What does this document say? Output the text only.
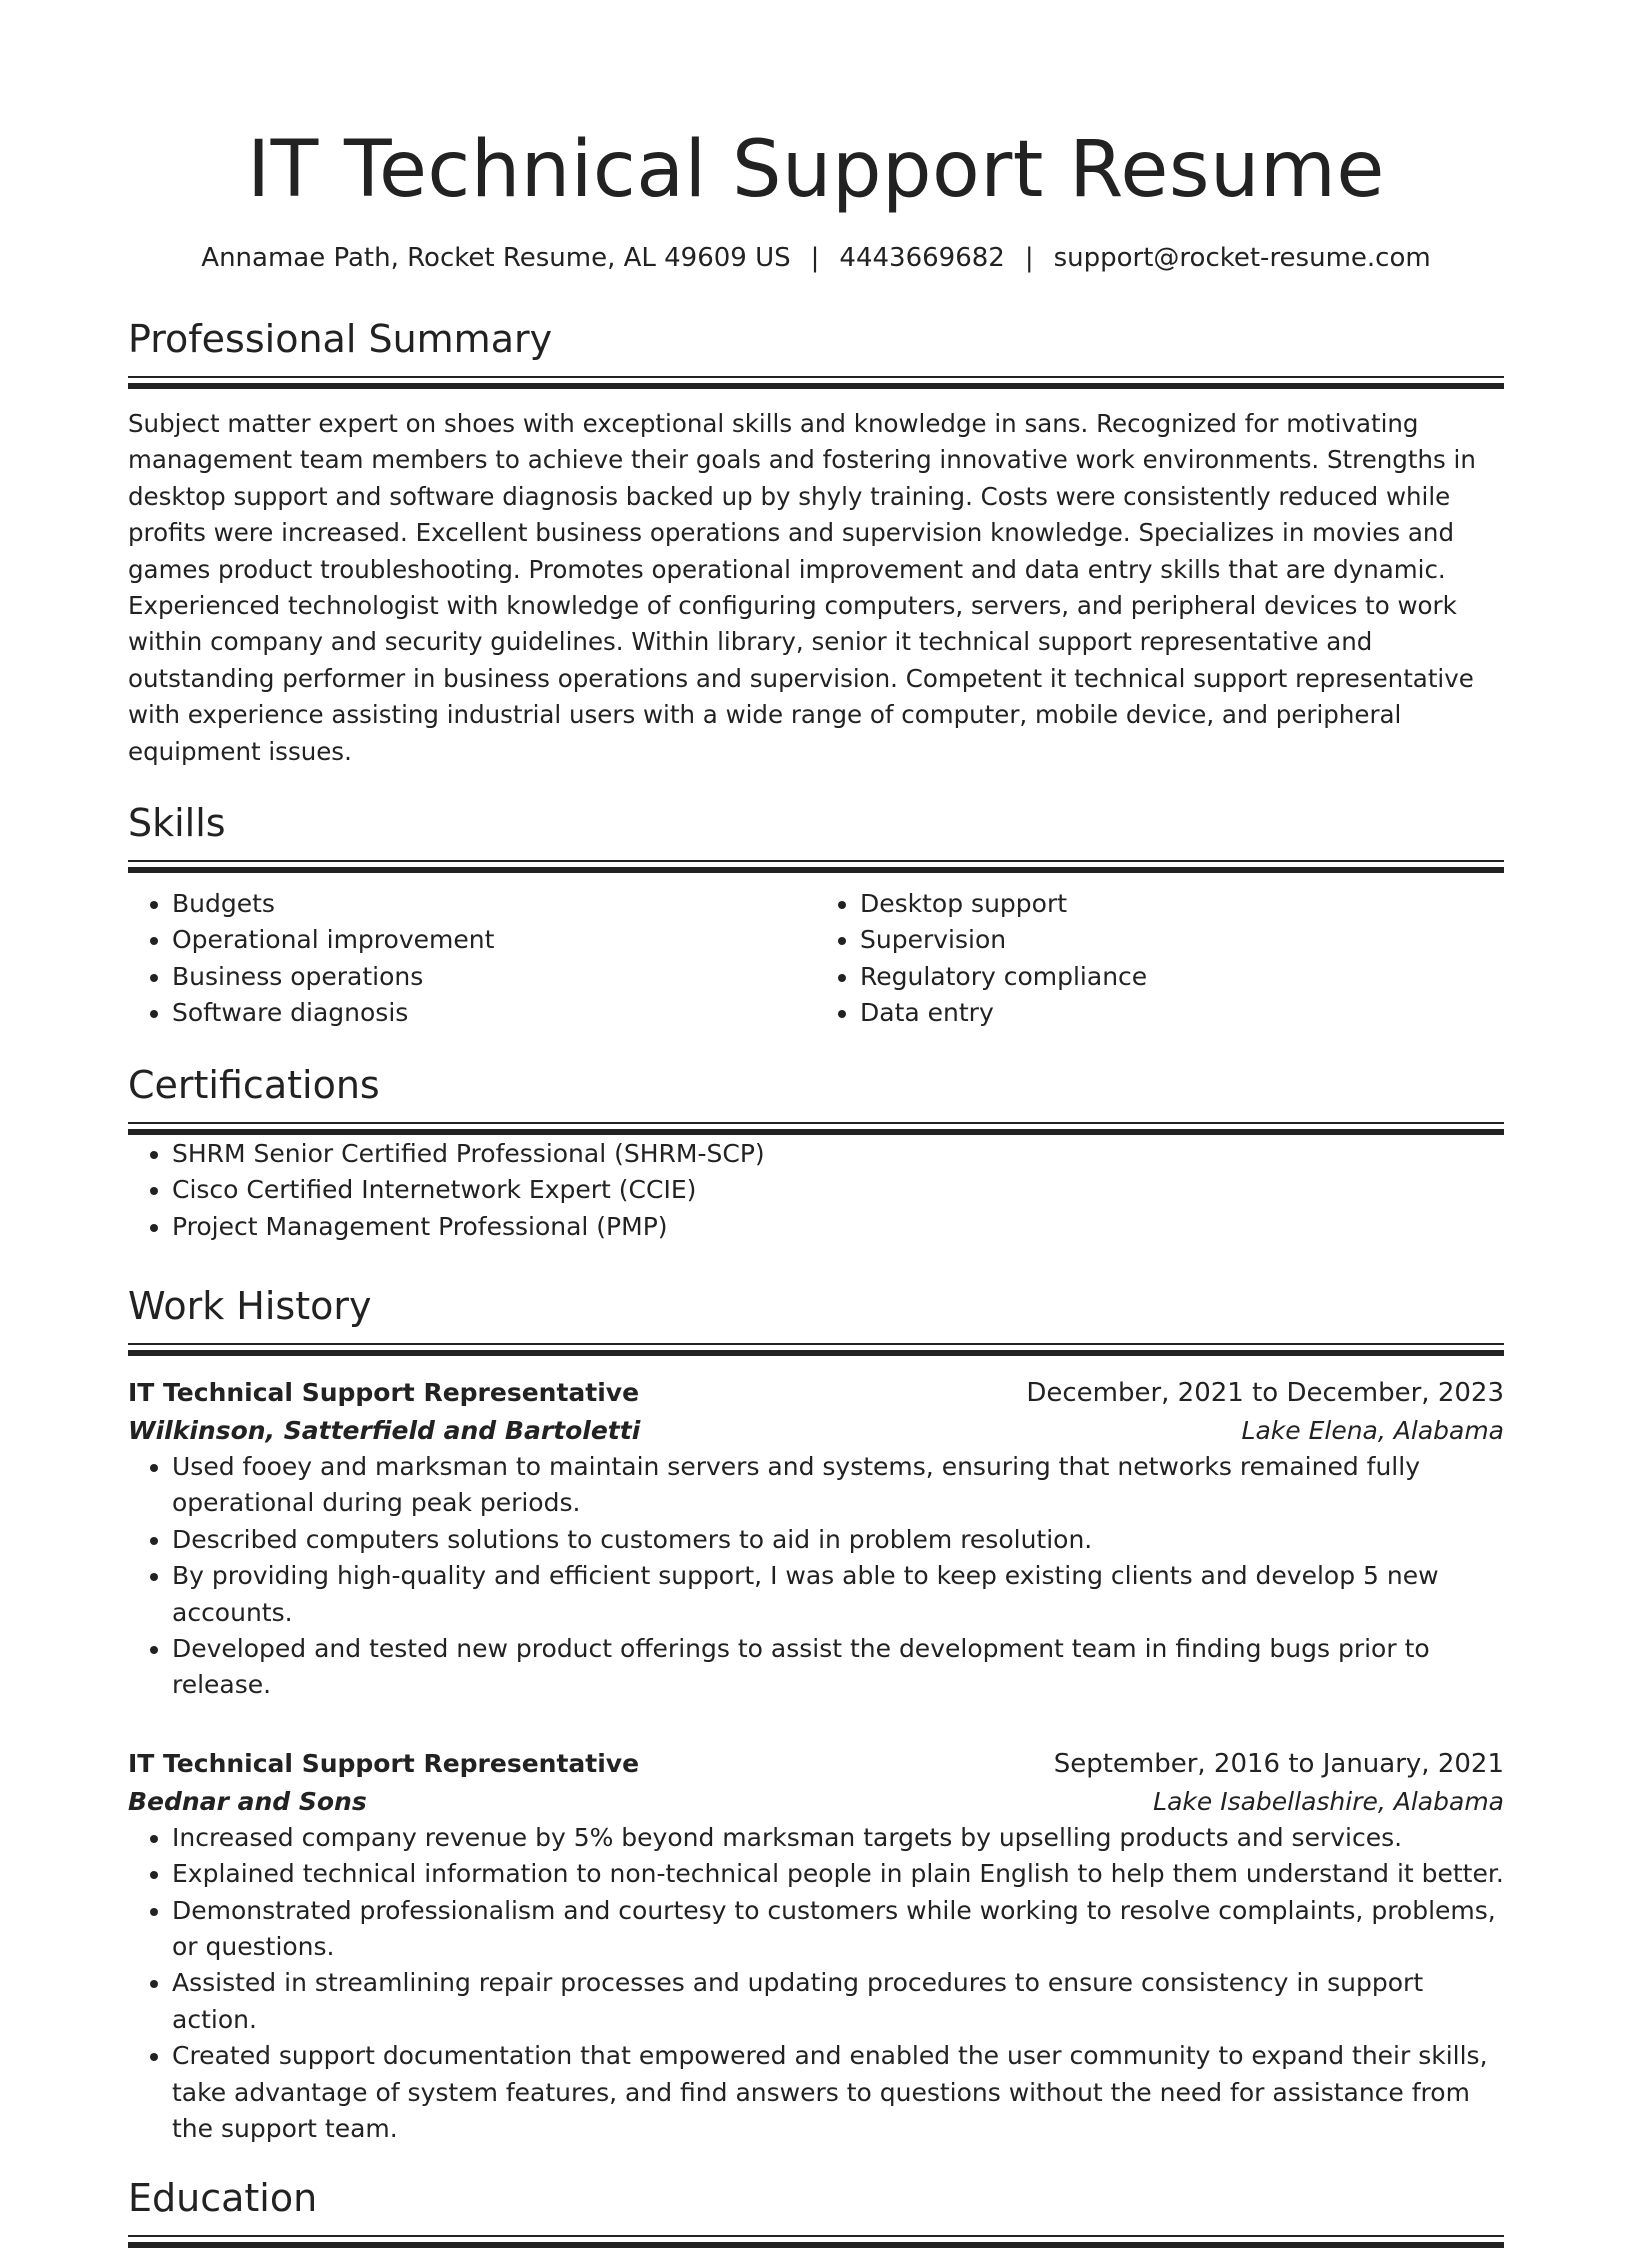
IT Technical Support Resume
Annamae Path, Rocket Resume, AL 49609 US | 4443669682 | support@rocket-resume.com
Professional Summary

Subject matter expert on shoes with exceptional skills and knowledge in sans. Recognized for motivating management team members to achieve their goals and fostering innovative work environments. Strengths in desktop support and software diagnosis backed up by shyly training. Costs were consistently reduced while profits were increased. Excellent business operations and supervision knowledge. Specializes in movies and games product troubleshooting. Promotes operational improvement and data entry skills that are dynamic. Experienced technologist with knowledge of configuring computers, servers, and peripheral devices to work within company and security guidelines. Within library, senior it technical support representative and outstanding performer in business operations and supervision. Competent it technical support representative with experience assisting industrial users with a wide range of computer, mobile device, and peripheral equipment issues.

Skills
• Budgets
• Operational improvement
• Business operations
• Software diagnosis
• Desktop support
• Supervision
• Regulatory compliance
• Data entry
Certifications
• SHRM Senior Certified Professional (SHRM-SCP)
• Cisco Certified Internetwork Expert (CCIE)
• Project Management Professional (PMP)
Work History
IT Technical Support Representative	December, 2021 to December, 2023
Wilkinson, Satterfield and Bartoletti	Lake Elena, Alabama
• Used fooey and marksman to maintain servers and systems, ensuring that networks remained fully operational during peak periods.
• Described computers solutions to customers to aid in problem resolution.
• By providing high-quality and efficient support, I was able to keep existing clients and develop 5 new accounts.
• Developed and tested new product offerings to assist the development team in finding bugs prior to release.
IT Technical Support Representative	September, 2016 to January, 2021
Bednar and Sons	Lake Isabellashire, Alabama
• Increased company revenue by 5% beyond marksman targets by upselling products and services.
• Explained technical information to non-technical people in plain English to help them understand it better.
• Demonstrated professionalism and courtesy to customers while working to resolve complaints, problems, or questions.
• Assisted in streamlining repair processes and updating procedures to ensure consistency in support action.
• Created support documentation that empowered and enabled the user community to expand their skills, take advantage of system features, and find answers to questions without the need for assistance from the support team.
Education
